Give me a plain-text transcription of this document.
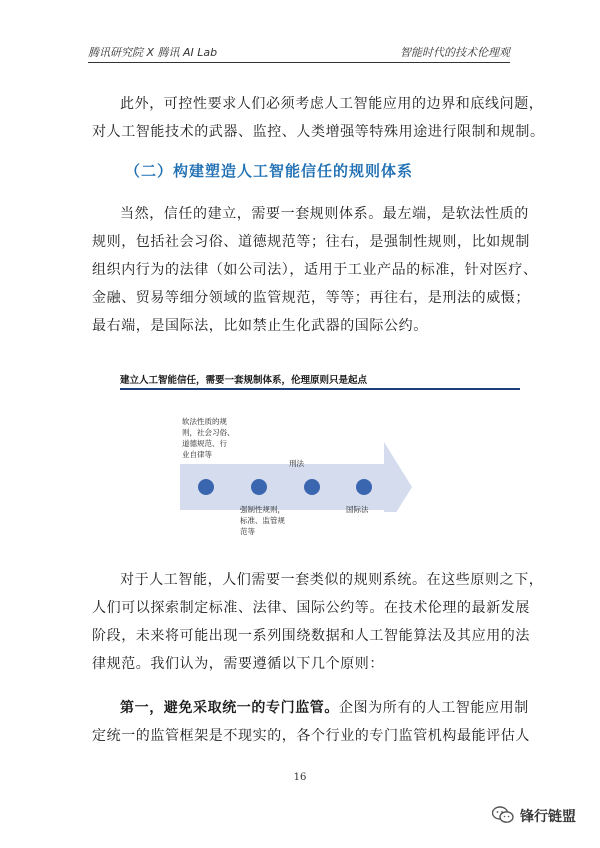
腾讯研究院 X 腾讯 AI Lab	智能时代的技术伦理观
此外，可控性要求人们必须考虑人工智能应用的边界和底线问题，
对人工智能技术的武器、监控、人类增强等特殊用途进行限制和规制。
（二）构建塑造人工智能信任的规则体系
当然，信任的建立，需要一套规则体系。最左端，是软法性质的
规则，包括社会习俗、道德规范等；往右，是强制性规则，比如规制
组织内行为的法律（如公司法），适用于工业产品的标准，针对医疗、
金融、贸易等细分领域的监管规范，等等；再往右，是刑法的威慑；
最右端，是国际法，比如禁止生化武器的国际公约。
建立人工智能信任，需要一套规制体系，伦理原则只是起点
软法性质的规
则，社会习俗、
道德规范、行
业自律等
刑法
强制性规则，
标准、监管规
范等
国际法
对于人工智能，人们需要一套类似的规则系统。在这些原则之下，
人们可以探索制定标准、法律、国际公约等。在技术伦理的最新发展
阶段，未来将可能出现一系列围绕数据和人工智能算法及其应用的法
律规范。我们认为，需要遵循以下几个原则：
第一，避免采取统一的专门监管。企图为所有的人工智能应用制
定统一的监管框架是不现实的，各个行业的专门监管机构最能评估人
16
锋行链盟
